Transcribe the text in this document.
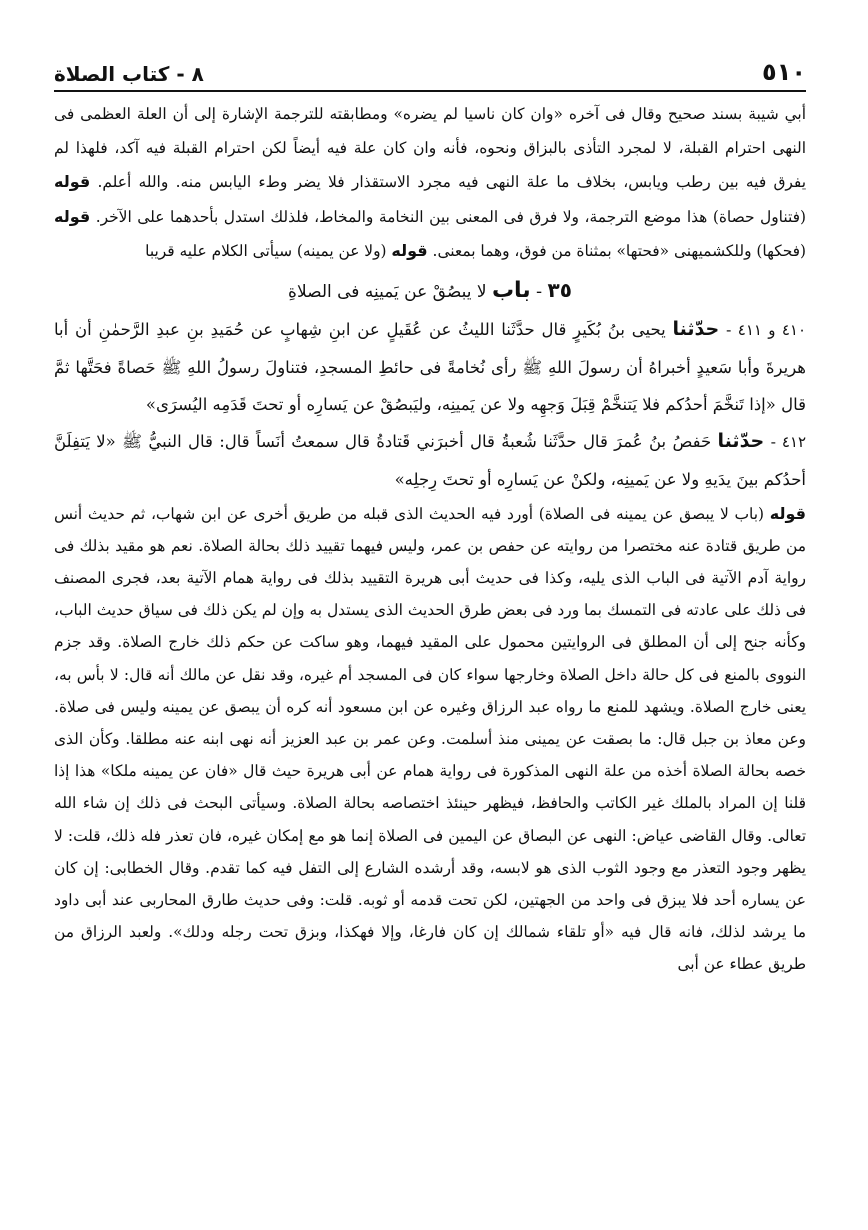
٥١٠
٨ - كتاب الصلاة

أبي شيبة بسند صحيح وقال فى آخره «وان كان ناسيا لم يضره» ومطابقته للترجمة الإشارة إلى أن العلة العظمى فى النهى احترام القبلة، لا لمجرد التأذى بالبزاق ونحوه، فأنه وان كان علة فيه أيضاً لكن احترام القبلة فيه آكد، فلهذا لم يفرق فيه بين رطب ويابس، بخلاف ما علة النهى فيه مجرد الاستقذار فلا يضر وطء اليابس منه. والله أعلم. قوله (فتناول حصاة) هذا موضع الترجمة، ولا فرق فى المعنى بين النخامة والمخاط، فلذلك استدل بأحدهما على الآخر. قوله (فحكها) وللكشميهنى «فحتها» بمثناة من فوق، وهما بمعنى. قوله (ولا عن يمينه) سيأتى الكلام عليه قريبا

٣٥ - باب لا يبصُقْ عن يَمينِه فى الصلاةِ

٤١٠ و ٤١١ - حدّثنا يحيى بنُ بُكَيرٍ قال حدَّثَنا الليثُ عن عُقَيلٍ عن ابنِ شِهابٍ عن حُمَيدِ بنِ عبدِ الرَّحمٰنِ أن أبا هريرةَ وأبا سَعيدٍ أخبراهُ أن رسولَ اللهِ ﷺ رأى نُخامةً فى حائطِ المسجدِ، فتناولَ رسولُ اللهِ ﷺ حَصاةً فحَتَّها ثمَّ قال «إذا تَنخَّمَ أحدُكم فلا يَتنخَّمْ قِبَلَ وَجهِه ولا عن يَمينِه، وليَبصُقْ عن يَسارِه أو تحتَ قَدَمِه اليُسرَى»

٤١٢ - حدّثنا حَفصُ بنُ عُمرَ قال حدَّثَنا شُعبةُ قال أخبرَني قَتادةُ قال سمعتُ أنَساً قال: قال النبيُّ ﷺ «لا يَتفِلَنَّ أحدُكم بينَ يدَيهِ ولا عن يَمينِه، ولكنْ عن يَسارِه أو تحتَ رِجلِه»

قوله (باب لا يبصق عن يمينه فى الصلاة) أورد فيه الحديث الذى قبله من طريق أخرى عن ابن شهاب، ثم حديث أنس من طريق قتادة عنه مختصرا من روايته عن حفص بن عمر، وليس فيهما تقييد ذلك بحالة الصلاة. نعم هو مقيد بذلك فى رواية آدم الآتية فى الباب الذى يليه، وكذا فى حديث أبى هريرة التقييد بذلك فى رواية همام الآتية بعد، فجرى المصنف فى ذلك على عادته فى التمسك بما ورد فى بعض طرق الحديث الذى يستدل به وإن لم يكن ذلك فى سياق حديث الباب، وكأنه جنح إلى أن المطلق فى الروايتين محمول على المقيد فيهما، وهو ساكت عن حكم ذلك خارج الصلاة. وقد جزم النووى بالمنع فى كل حالة داخل الصلاة وخارجها سواء كان فى المسجد أم غيره، وقد نقل عن مالك أنه قال: لا بأس به، يعنى خارج الصلاة. ويشهد للمنع ما رواه عبد الرزاق وغيره عن ابن مسعود أنه كره أن يبصق عن يمينه وليس فى صلاة. وعن معاذ بن جبل قال: ما بصقت عن يمينى منذ أسلمت. وعن عمر بن عبد العزيز أنه نهى ابنه عنه مطلقا. وكأن الذى خصه بحالة الصلاة أخذه من علة النهى المذكورة فى رواية همام عن أبى هريرة حيث قال «فان عن يمينه ملكا» هذا إذا قلنا إن المراد بالملك غير الكاتب والحافظ، فيظهر حينئذ اختصاصه بحالة الصلاة. وسيأتى البحث فى ذلك إن شاء الله تعالى. وقال القاضى عياض: النهى عن البصاق عن اليمين فى الصلاة إنما هو مع إمكان غيره، فان تعذر فله ذلك، قلت: لا يظهر وجود التعذر مع وجود الثوب الذى هو لابسه، وقد أرشده الشارع إلى التفل فيه كما تقدم. وقال الخطابى: إن كان عن يساره أحد فلا يبزق فى واحد من الجهتين، لكن تحت قدمه أو ثوبه. قلت: وفى حديث طارق المحاربى عند أبى داود ما يرشد لذلك، فانه قال فيه «أو تلقاء شمالك إن كان فارغا، وإلا فهكذا، وبزق تحت رجله ودلك». ولعبد الرزاق من طريق عطاء عن أبى
